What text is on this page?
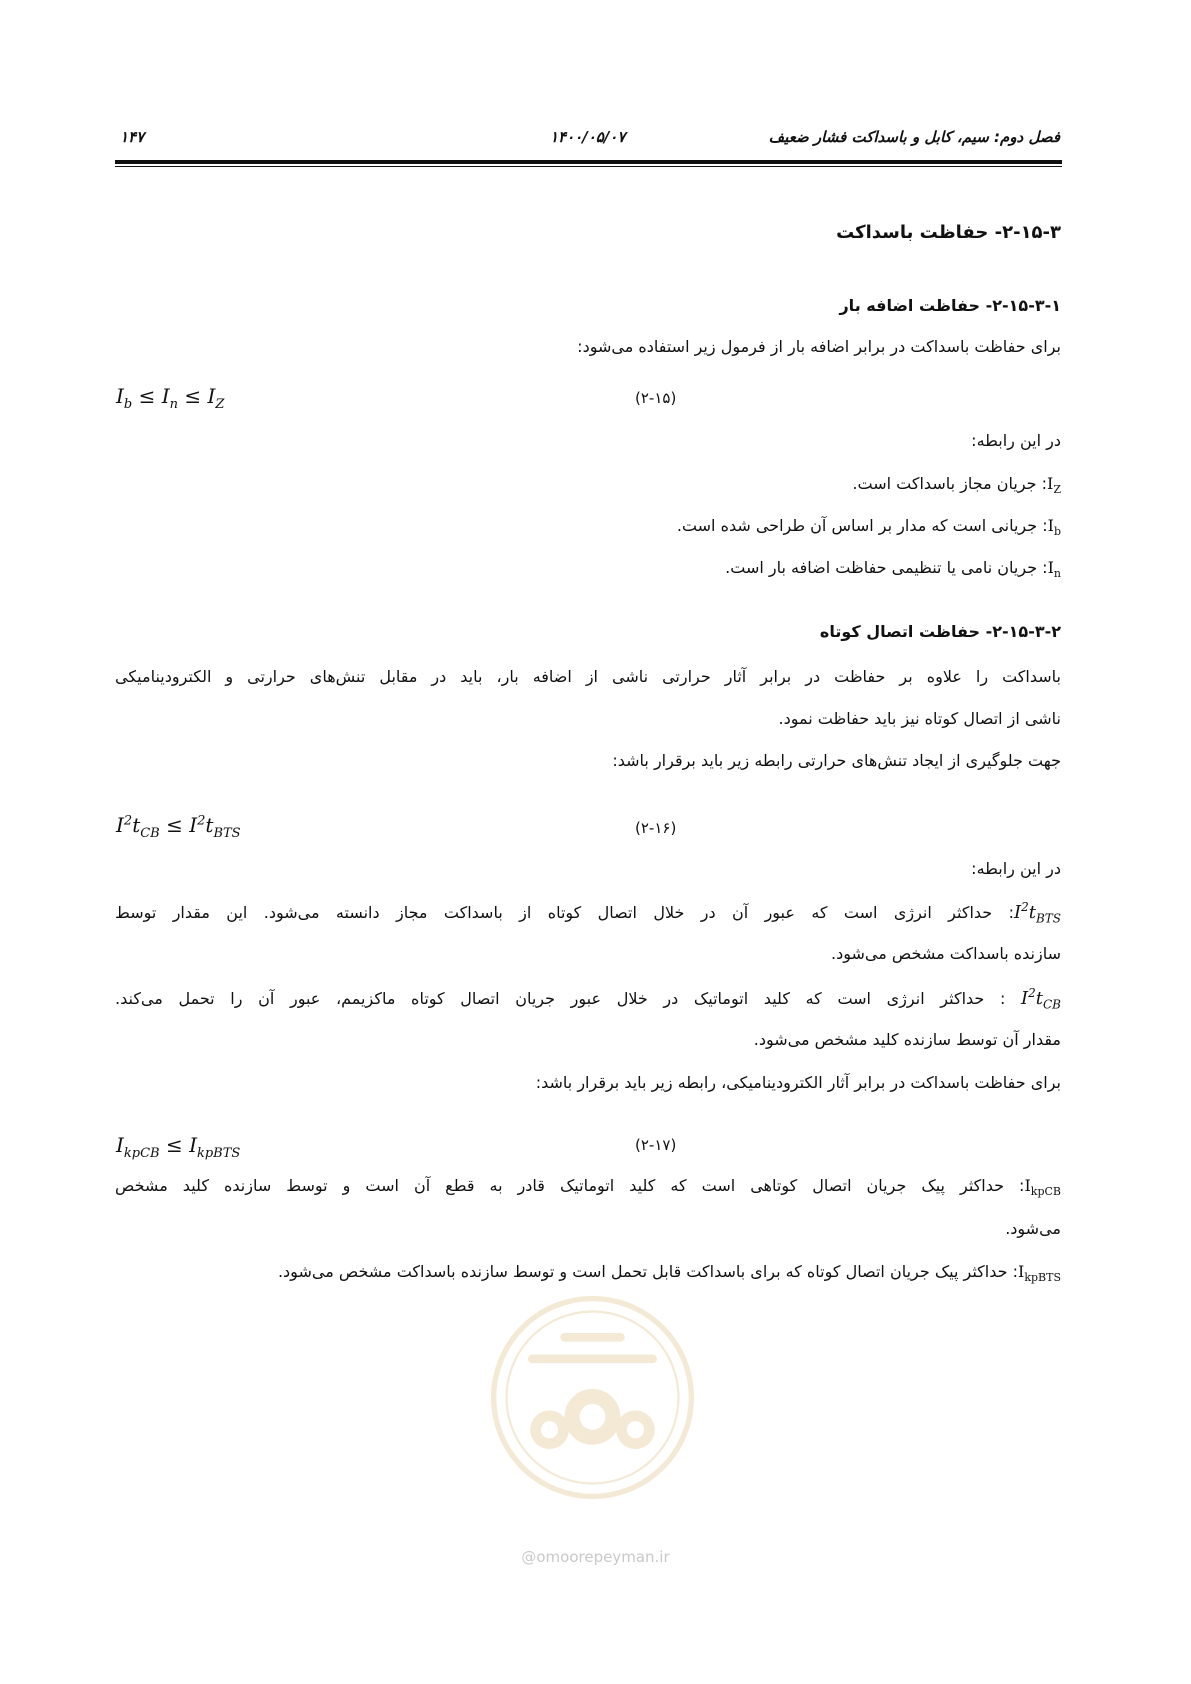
فصل دوم: سیم، کابل و باسداکت فشار ضعیف
۱۴۰۰/۰۵/۰۷
۱۴۷
۲-۱۵-۳- حفاظت باسداکت
۲-۱۵-۳-۱- حفاظت اضافه بار
برای حفاظت باسداکت در برابر اضافه بار از فرمول زیر استفاده می‌شود:
$I_b \le I_n \le I_Z$	(۲-۱۵)
در این رابطه:
$I_Z$: جریان مجاز باسداکت است.
$I_b$: جریانی است که مدار بر اساس آن طراحی شده است.
$I_n$: جریان نامی یا تنظیمی حفاظت اضافه بار است.
۲-۱۵-۳-۲- حفاظت اتصال کوتاه
باسداکت را علاوه بر حفاظت در برابر آثار حرارتی ناشی از اضافه بار، باید در مقابل تنش‌های حرارتی و الکترودینامیکی
ناشی از اتصال کوتاه نیز باید حفاظت نمود.
جهت جلوگیری از ایجاد تنش‌های حرارتی رابطه زیر باید برقرار باشد:
$I^2t_{CB} \le I^2t_{BTS}$	(۲-۱۶)
در این رابطه:
$I^2t_{BTS}$: حداکثر انرژی است که عبور آن در خلال اتصال کوتاه از باسداکت مجاز دانسته می‌شود. این مقدار توسط
سازنده باسداکت مشخص می‌شود.
$I^2t_{CB}$ : حداکثر انرژی است که کلید اتوماتیک در خلال عبور جریان اتصال کوتاه ماکزیمم، عبور آن را تحمل می‌کند.
مقدار آن توسط سازنده کلید مشخص می‌شود.
برای حفاظت باسداکت در برابر آثار الکترودینامیکی، رابطه زیر باید برقرار باشد:
$I_{kpCB} \le I_{kpBTS}$	(۲-۱۷)
$I_{kpCB}$: حداکثر پیک جریان اتصال کوتاهی است که کلید اتوماتیک قادر به قطع آن است و توسط سازنده کلید مشخص
می‌شود.
$I_{kpBTS}$: حداکثر پیک جریان اتصال کوتاه که برای باسداکت قابل تحمل است و توسط سازنده باسداکت مشخص می‌شود.
@omoorepeyman.ir
